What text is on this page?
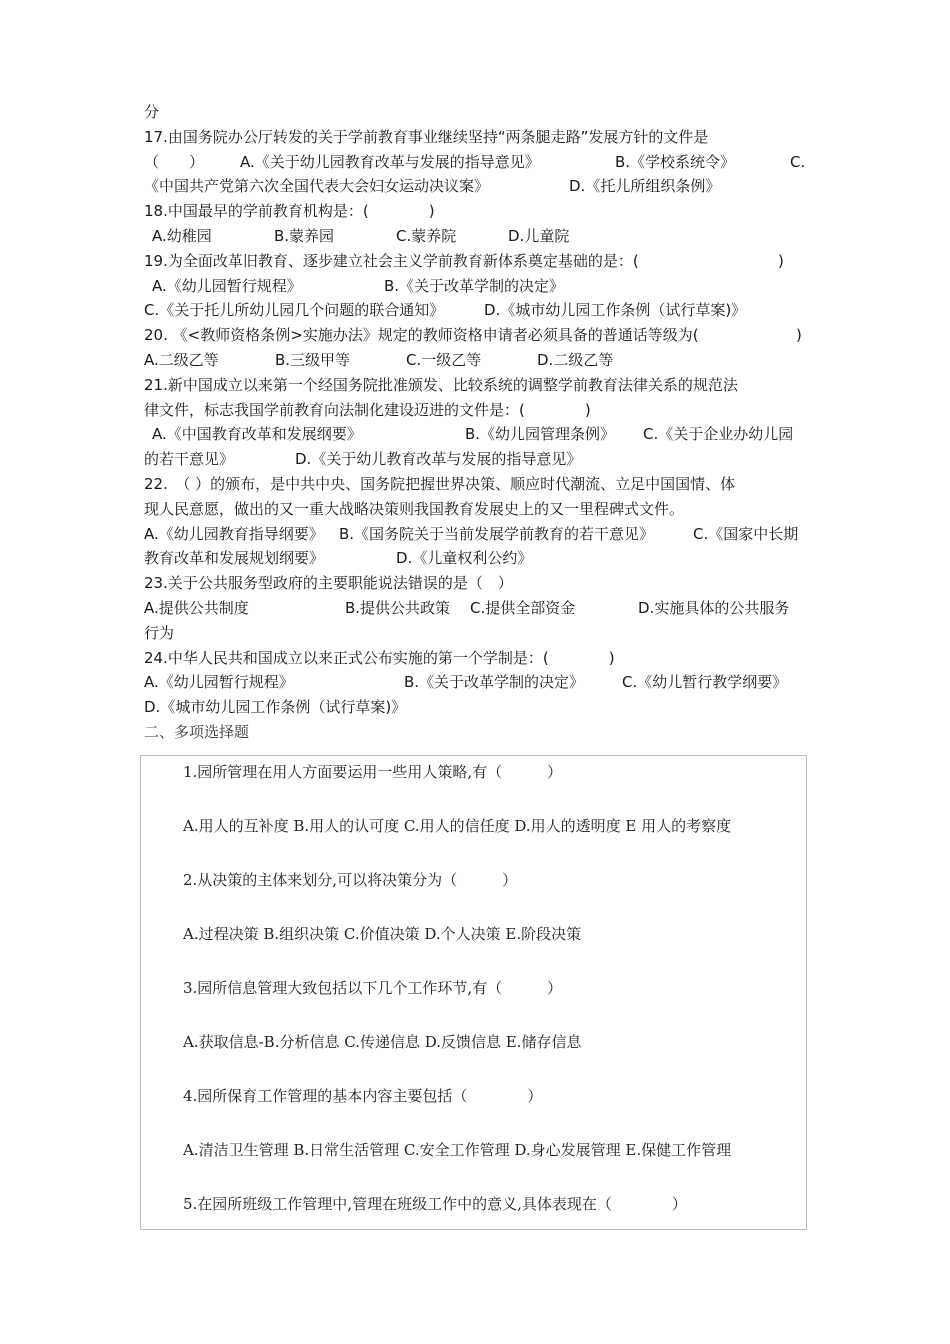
分
17.由国务院办公厅转发的关于学前教育事业继续坚持“两条腿走路”发展方针的文件是
（　　）	A.《关于幼儿园教育改革与发展的指导意见》	B.《学校系统令》	C.
《中国共产党第六次全国代表大会妇女运动决议案》	D.《托儿所组织条例》
18.中国最早的学前教育机构是：(　　　　)
A.幼稚园	B.蒙养园	C.蒙养院	D.儿童院
19.为全面改革旧教育、逐步建立社会主义学前教育新体系奠定基础的是：(	)
A.《幼儿园暂行规程》	B.《关于改革学制的决定》
C.《关于托儿所幼儿园几个问题的联合通知》	D.《城市幼儿园工作条例（试行草案)》
20. 《<教师资格条例>实施办法》规定的教师资格申请者必须具备的普通话等级为(	)
A.二级乙等	B.三级甲等	C.一级乙等	D.二级乙等
21.新中国成立以来第一个经国务院批准颁发、比较系统的调整学前教育法律关系的规范法
律文件，标志我国学前教育向法制化建设迈进的文件是：(　　　　)
A.《中国教育改革和发展纲要》	B.《幼儿园管理条例》	C.《关于企业办幼儿园
的若干意见》	D.《关于幼儿教育改革与发展的指导意见》
22.　（ ）的颁布，是中共中央、国务院把握世界决策、顺应时代潮流、立足中国国情、体
现人民意愿，做出的又一重大战略决策则我国教育发展史上的又一里程碑式文件。
A.《幼儿园教育指导纲要》	B.《国务院关于当前发展学前教育的若干意见》	C.《国家中长期
教育改革和发展规划纲要》	D.《儿童权利公约》
23.关于公共服务型政府的主要职能说法错误的是（　）
A.提供公共制度	B.提供公共政策	C.提供全部资金	D.实施具体的公共服务
行为
24.中华人民共和国成立以来正式公布实施的第一个学制是：(　　　　)
A.《幼儿园暂行规程》	B.《关于改革学制的决定》	C.《幼儿暂行教学纲要》
D.《城市幼儿园工作条例（试行草案)》
二、多项选择题
1.园所管理在用人方面要运用一些用人策略,有（　　　）
A.用人的互补度 B.用人的认可度 C.用人的信任度 D.用人的透明度 E 用人的考察度
2.从决策的主体来划分,可以将决策分为（　　　）
A.过程决策 B.组织决策 C.价值决策 D.个人决策 E.阶段决策
3.园所信息管理大致包括以下几个工作环节,有（　　　）
A.获取信息-B.分析信息 C.传递信息 D.反馈信息 E.储存信息
4.园所保育工作管理的基本内容主要包括（　　　　）
A.清洁卫生管理 B.日常生活管理 C.安全工作管理 D.身心发展管理 E.保健工作管理
5.在园所班级工作管理中,管理在班级工作中的意义,具体表现在（　　　　）
